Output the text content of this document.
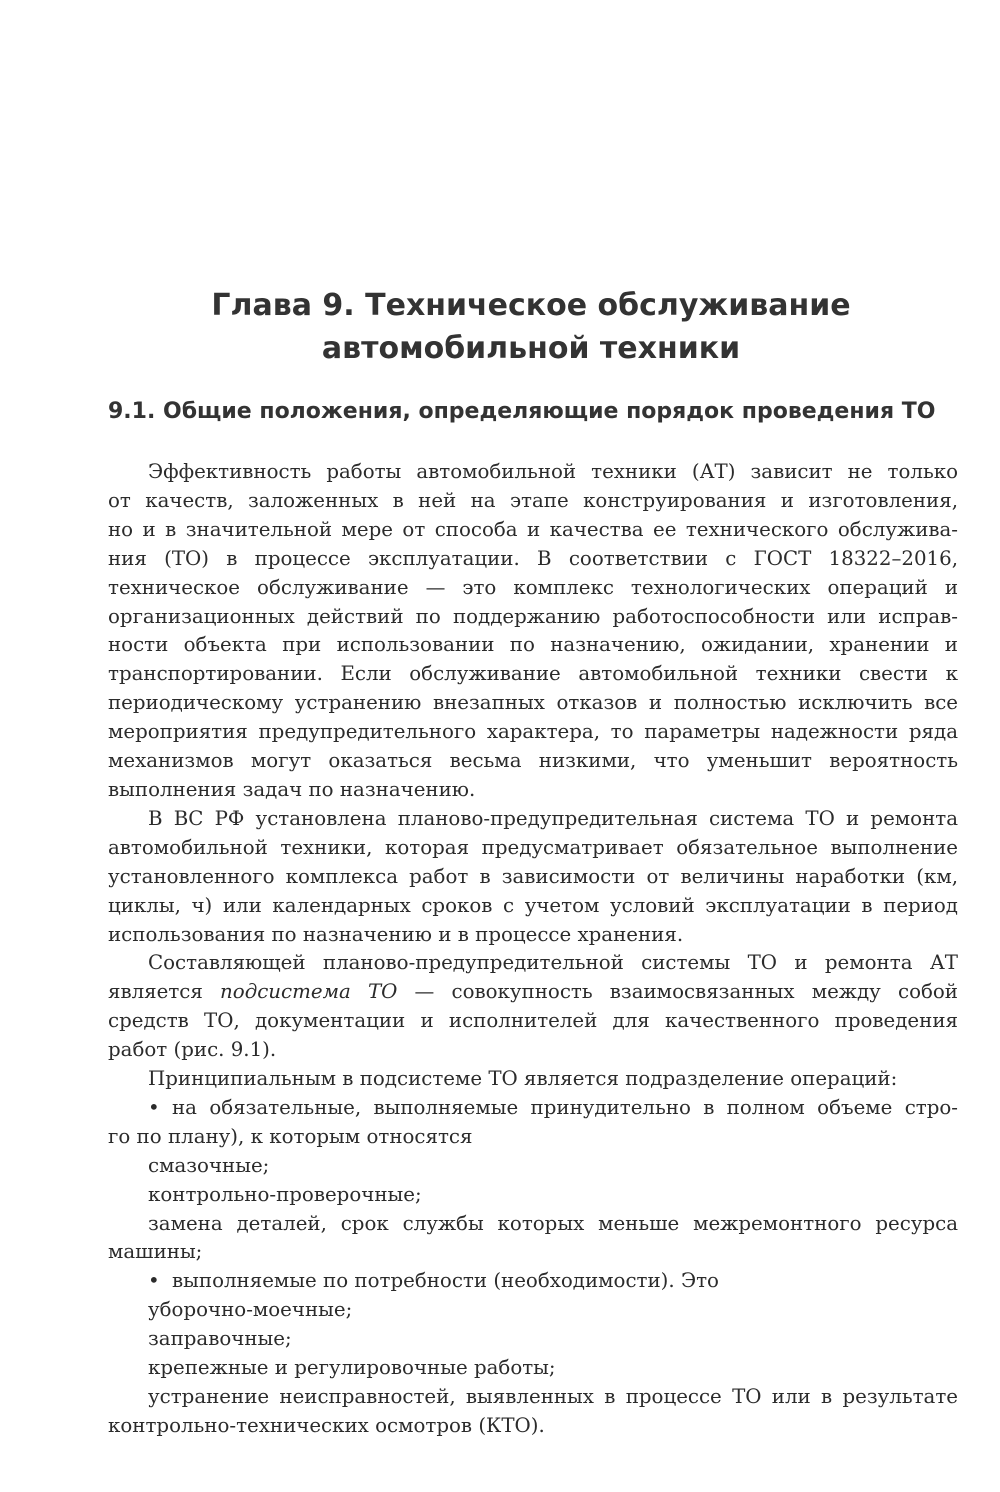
Глава 9. Техническое обслуживание
автомобильной техники
9.1. Общие положения, определяющие порядок проведения ТО
Эффективность работы автомобильной техники (АТ) зависит не только
от качеств, заложенных в ней на этапе конструирования и изготовления,
но и в значительной мере от способа и качества ее технического обслужива-
ния (ТО) в процессе эксплуатации. В соответствии с ГОСТ 18322–2016,
техническое обслуживание — это комплекс технологических операций и
организационных действий по поддержанию работоспособности или исправ-
ности объекта при использовании по назначению, ожидании, хранении и
транспортировании. Если обслуживание автомобильной техники свести к
периодическому устранению внезапных отказов и полностью исключить все
мероприятия предупредительного характера, то параметры надежности ряда
механизмов могут оказаться весьма низкими, что уменьшит вероятность
выполнения задач по назначению.
В ВС РФ установлена планово-предупредительная система ТО и ремонта
автомобильной техники, которая предусматривает обязательное выполнение
установленного комплекса работ в зависимости от величины наработки (км,
циклы, ч) или календарных сроков с учетом условий эксплуатации в период
использования по назначению и в процессе хранения.
Составляющей планово-предупредительной системы ТО и ремонта АТ
является подсистема ТО — совокупность взаимосвязанных между собой
средств ТО, документации и исполнителей для качественного проведения
работ (рис. 9.1).
Принципиальным в подсистеме ТО является подразделение операций:
• на обязательные, выполняемые принудительно в полном объеме стро-
го по плану), к которым относятся
смазочные;
контрольно-проверочные;
замена деталей, срок службы которых меньше межремонтного ресурса
машины;
• выполняемые по потребности (необходимости). Это
уборочно-моечные;
заправочные;
крепежные и регулировочные работы;
устранение неисправностей, выявленных в процессе ТО или в результате
контрольно-технических осмотров (КТО).
